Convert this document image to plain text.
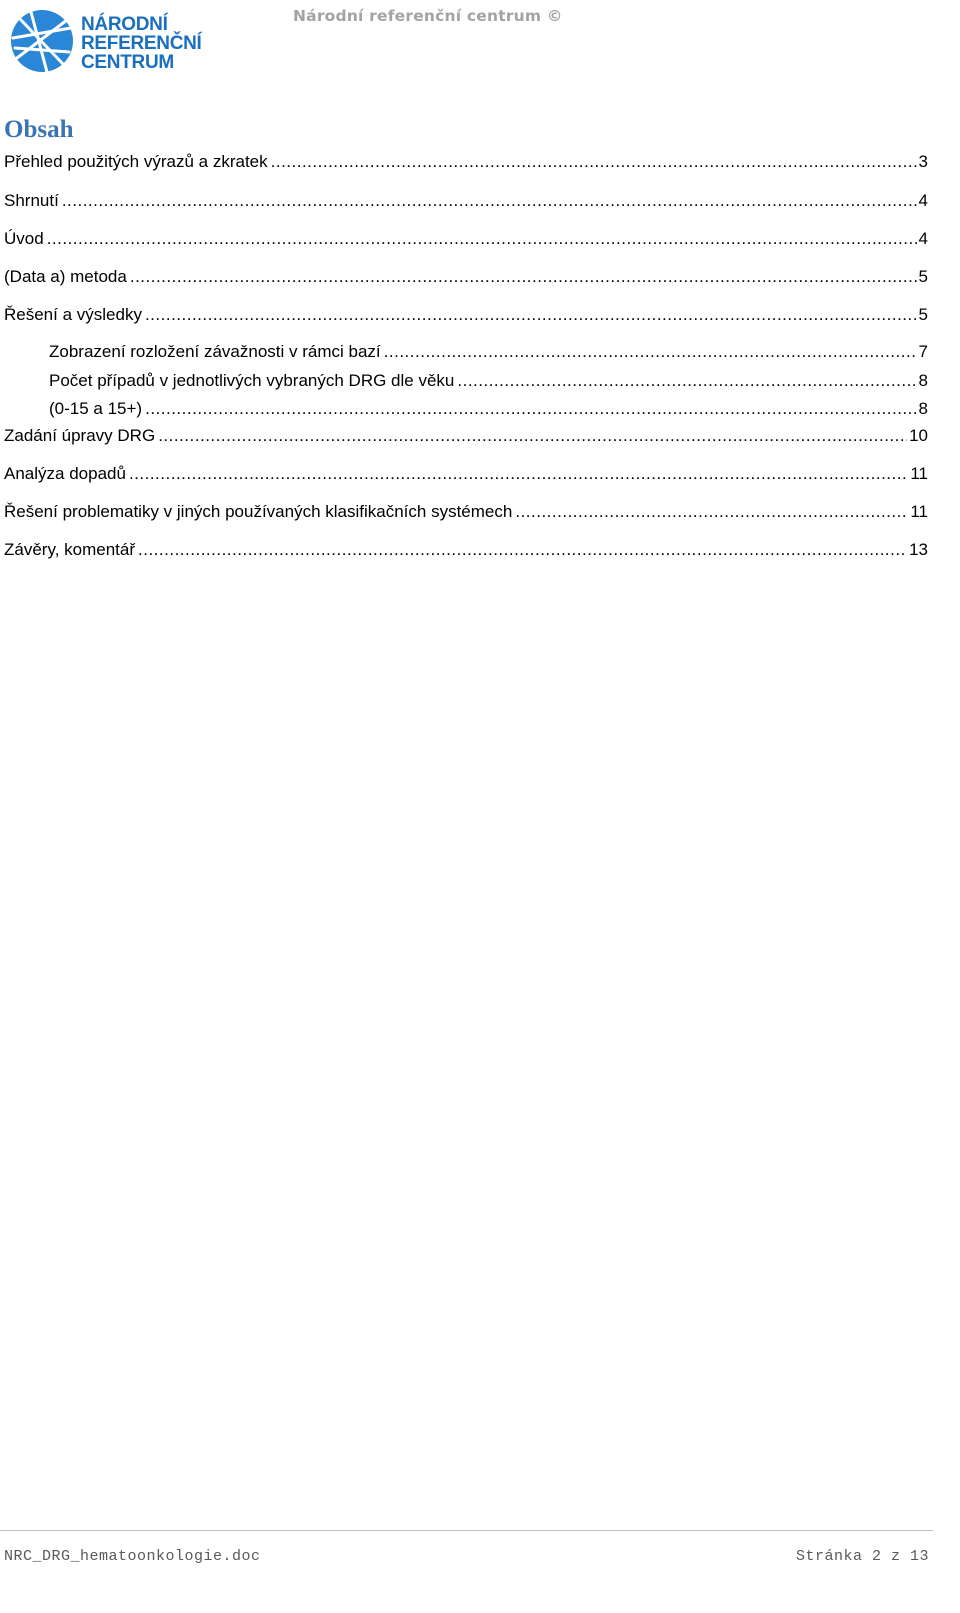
NÁRODNÍ
REFERENČNÍ
CENTRUM
Národní referenční centrum ©
Obsah
Přehled použitých výrazů a zkratek .....	3
Shrnutí .....	4
Úvod .....	4
(Data a) metoda .....	5
Řešení a výsledky .....	5
Zobrazení rozložení závažnosti v rámci bazí .....	7
Počet případů v jednotlivých vybraných DRG dle věku .....	8
(0-15 a 15+) .....	8
Zadání úpravy DRG .....	10
Analýza dopadů .....	11
Řešení problematiky v jiných používaných klasifikačních systémech .....	11
Závěry, komentář .....	13
NRC_DRG_hematoonkologie.doc	Stránka 2 z 13
